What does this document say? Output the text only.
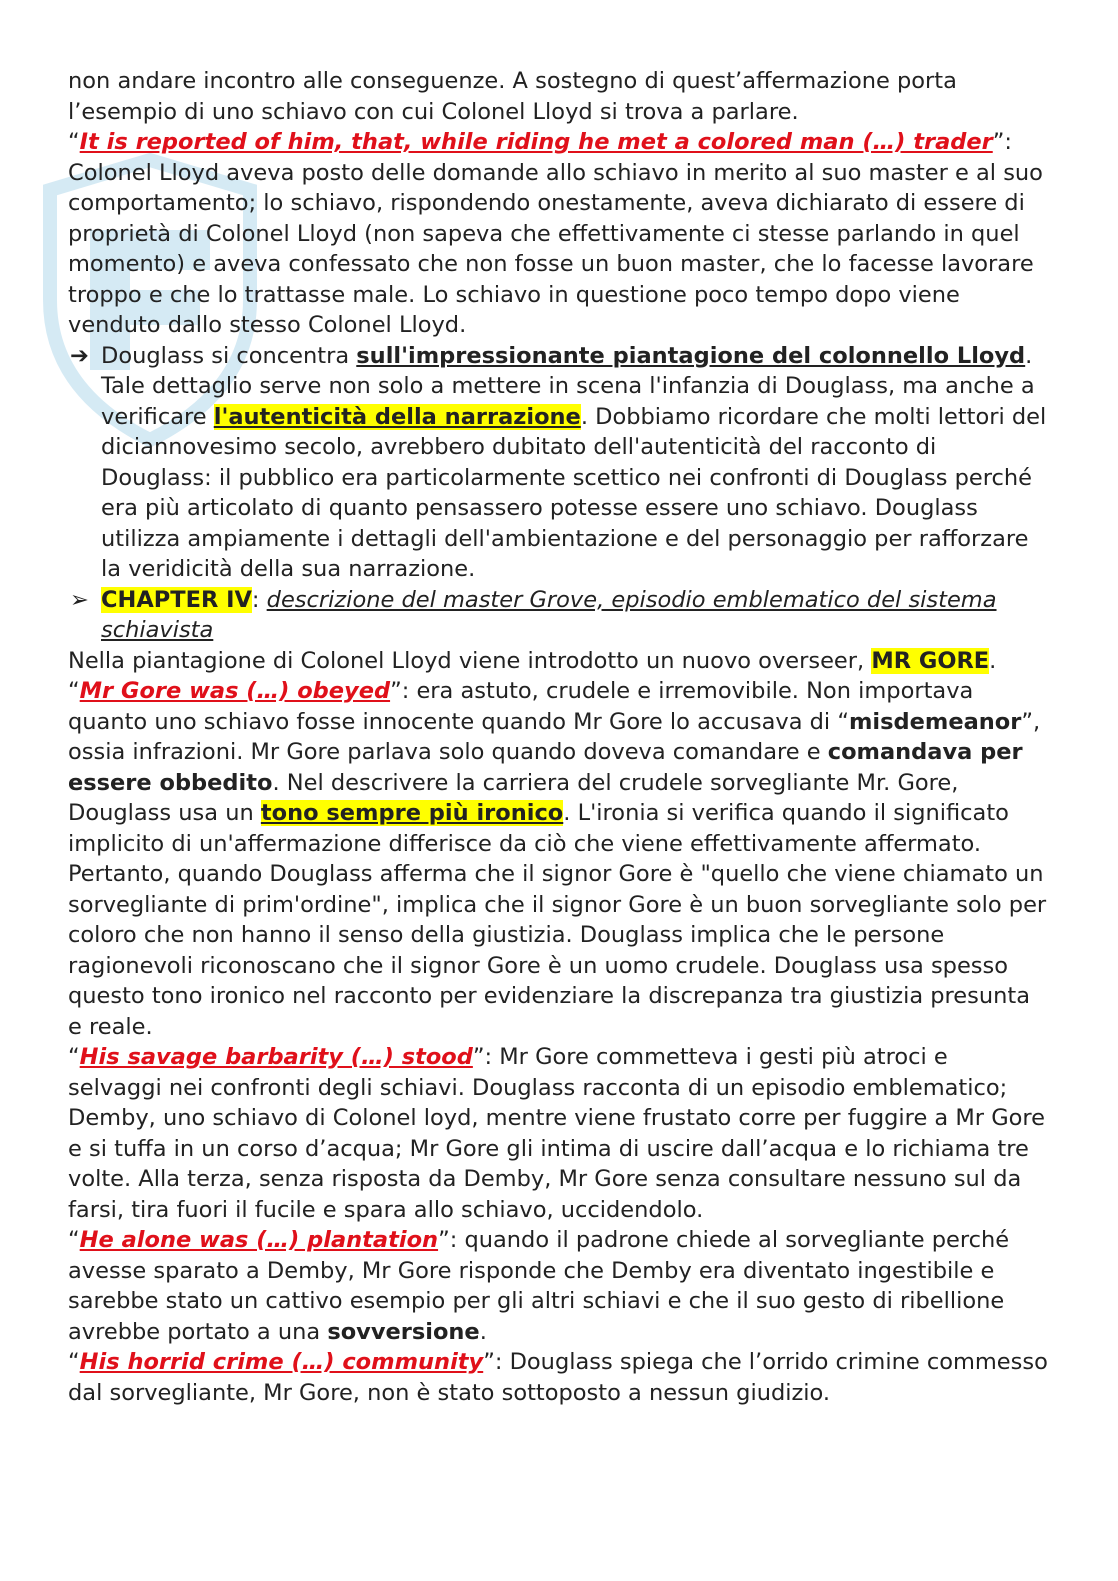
non andare incontro alle conseguenze. A sostegno di quest’affermazione porta l’esempio di uno schiavo con cui Colonel Lloyd si trova a parlare.

“It is reported of him, that, while riding he met a colored man (…) trader”: Colonel Lloyd aveva posto delle domande allo schiavo in merito al suo master e al suo comportamento; lo schiavo, rispondendo onestamente, aveva dichiarato di essere di proprietà di Colonel Lloyd (non sapeva che effettivamente ci stesse parlando in quel momento) e aveva confessato che non fosse un buon master, che lo facesse lavorare troppo e che lo trattasse male. Lo schiavo in questione poco tempo dopo viene venduto dallo stesso Colonel Lloyd.

➔ Douglass si concentra sull'impressionante piantagione del colonnello Lloyd. Tale dettaglio serve non solo a mettere in scena l'infanzia di Douglass, ma anche a verificare l'autenticità della narrazione. Dobbiamo ricordare che molti lettori del diciannovesimo secolo, avrebbero dubitato dell'autenticità del racconto di Douglass: il pubblico era particolarmente scettico nei confronti di Douglass perché era più articolato di quanto pensassero potesse essere uno schiavo. Douglass utilizza ampiamente i dettagli dell'ambientazione e del personaggio per rafforzare la veridicità della sua narrazione.

➢ CHAPTER IV: descrizione del master Grove, episodio emblematico del sistema schiavista

Nella piantagione di Colonel Lloyd viene introdotto un nuovo overseer, MR GORE.

“Mr Gore was (…) obeyed”: era astuto, crudele e irremovibile. Non importava quanto uno schiavo fosse innocente quando Mr Gore lo accusava di “misdemeanor”, ossia infrazioni. Mr Gore parlava solo quando doveva comandare e comandava per essere obbedito. Nel descrivere la carriera del crudele sorvegliante Mr. Gore, Douglass usa un tono sempre più ironico. L'ironia si verifica quando il significato implicito di un'affermazione differisce da ciò che viene effettivamente affermato. Pertanto, quando Douglass afferma che il signor Gore è "quello che viene chiamato un sorvegliante di prim'ordine", implica che il signor Gore è un buon sorvegliante solo per coloro che non hanno il senso della giustizia. Douglass implica che le persone ragionevoli riconoscano che il signor Gore è un uomo crudele. Douglass usa spesso questo tono ironico nel racconto per evidenziare la discrepanza tra giustizia presunta e reale.

“His savage barbarity (…) stood”: Mr Gore commetteva i gesti più atroci e selvaggi nei confronti degli schiavi. Douglass racconta di un episodio emblematico; Demby, uno schiavo di Colonel loyd, mentre viene frustato corre per fuggire a Mr Gore e si tuffa in un corso d’acqua; Mr Gore gli intima di uscire dall’acqua e lo richiama tre volte. Alla terza, senza risposta da Demby, Mr Gore senza consultare nessuno sul da farsi, tira fuori il fucile e spara allo schiavo, uccidendolo.

“He alone was (…) plantation”: quando il padrone chiede al sorvegliante perché avesse sparato a Demby, Mr Gore risponde che Demby era diventato ingestibile e sarebbe stato un cattivo esempio per gli altri schiavi e che il suo gesto di ribellione avrebbe portato a una sovversione.

“His horrid crime (…) community”: Douglass spiega che l’orrido crimine commesso dal sorvegliante, Mr Gore, non è stato sottoposto a nessun giudizio.
